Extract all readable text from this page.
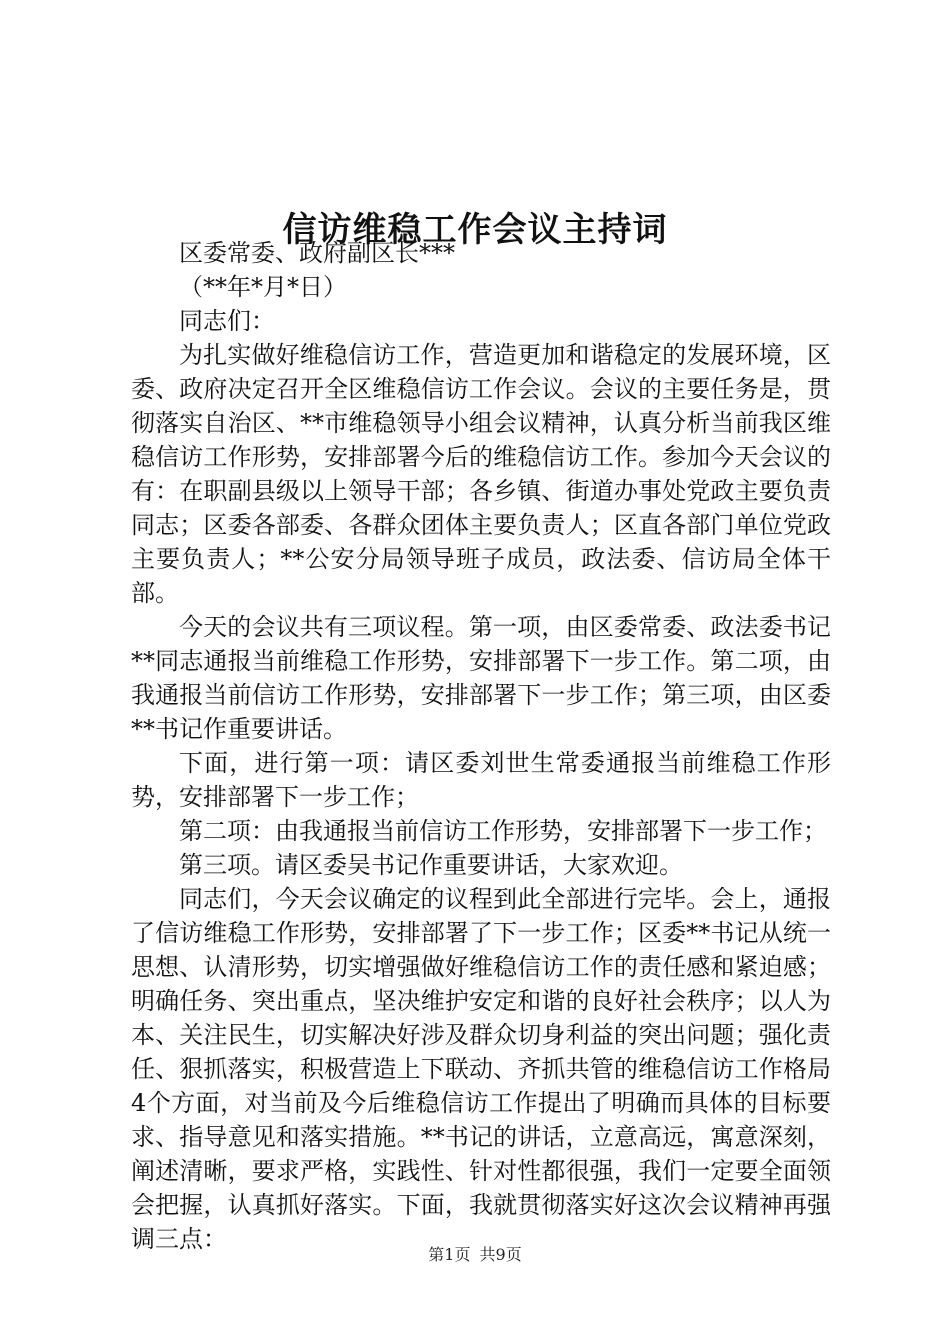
信访维稳工作会议主持词

区委常委、政府副区长***

（**年*月*日）

同志们：

为扎实做好维稳信访工作，营造更加和谐稳定的发展环境，区委、政府决定召开全区维稳信访工作会议。会议的主要任务是，贯彻落实自治区、**市维稳领导小组会议精神，认真分析当前我区维稳信访工作形势，安排部署今后的维稳信访工作。参加今天会议的有：在职副县级以上领导干部；各乡镇、街道办事处党政主要负责同志；区委各部委、各群众团体主要负责人；区直各部门单位党政主要负责人；**公安分局领导班子成员，政法委、信访局全体干部。

今天的会议共有三项议程。第一项，由区委常委、政法委书记**同志通报当前维稳工作形势，安排部署下一步工作。第二项，由我通报当前信访工作形势，安排部署下一步工作；第三项，由区委**书记作重要讲话。

下面，进行第一项：请区委刘世生常委通报当前维稳工作形势，安排部署下一步工作；

第二项：由我通报当前信访工作形势，安排部署下一步工作；

第三项。请区委吴书记作重要讲话，大家欢迎。

同志们，今天会议确定的议程到此全部进行完毕。会上，通报了信访维稳工作形势，安排部署了下一步工作；区委**书记从统一思想、认清形势，切实增强做好维稳信访工作的责任感和紧迫感；明确任务、突出重点，坚决维护安定和谐的良好社会秩序；以人为本、关注民生，切实解决好涉及群众切身利益的突出问题；强化责任、狠抓落实，积极营造上下联动、齐抓共管的维稳信访工作格局4个方面，对当前及今后维稳信访工作提出了明确而具体的目标要求、指导意见和落实措施。**书记的讲话，立意高远，寓意深刻，阐述清晰，要求严格，实践性、针对性都很强，我们一定要全面领会把握，认真抓好落实。下面，我就贯彻落实好这次会议精神再强调三点：

第1页 共9页
